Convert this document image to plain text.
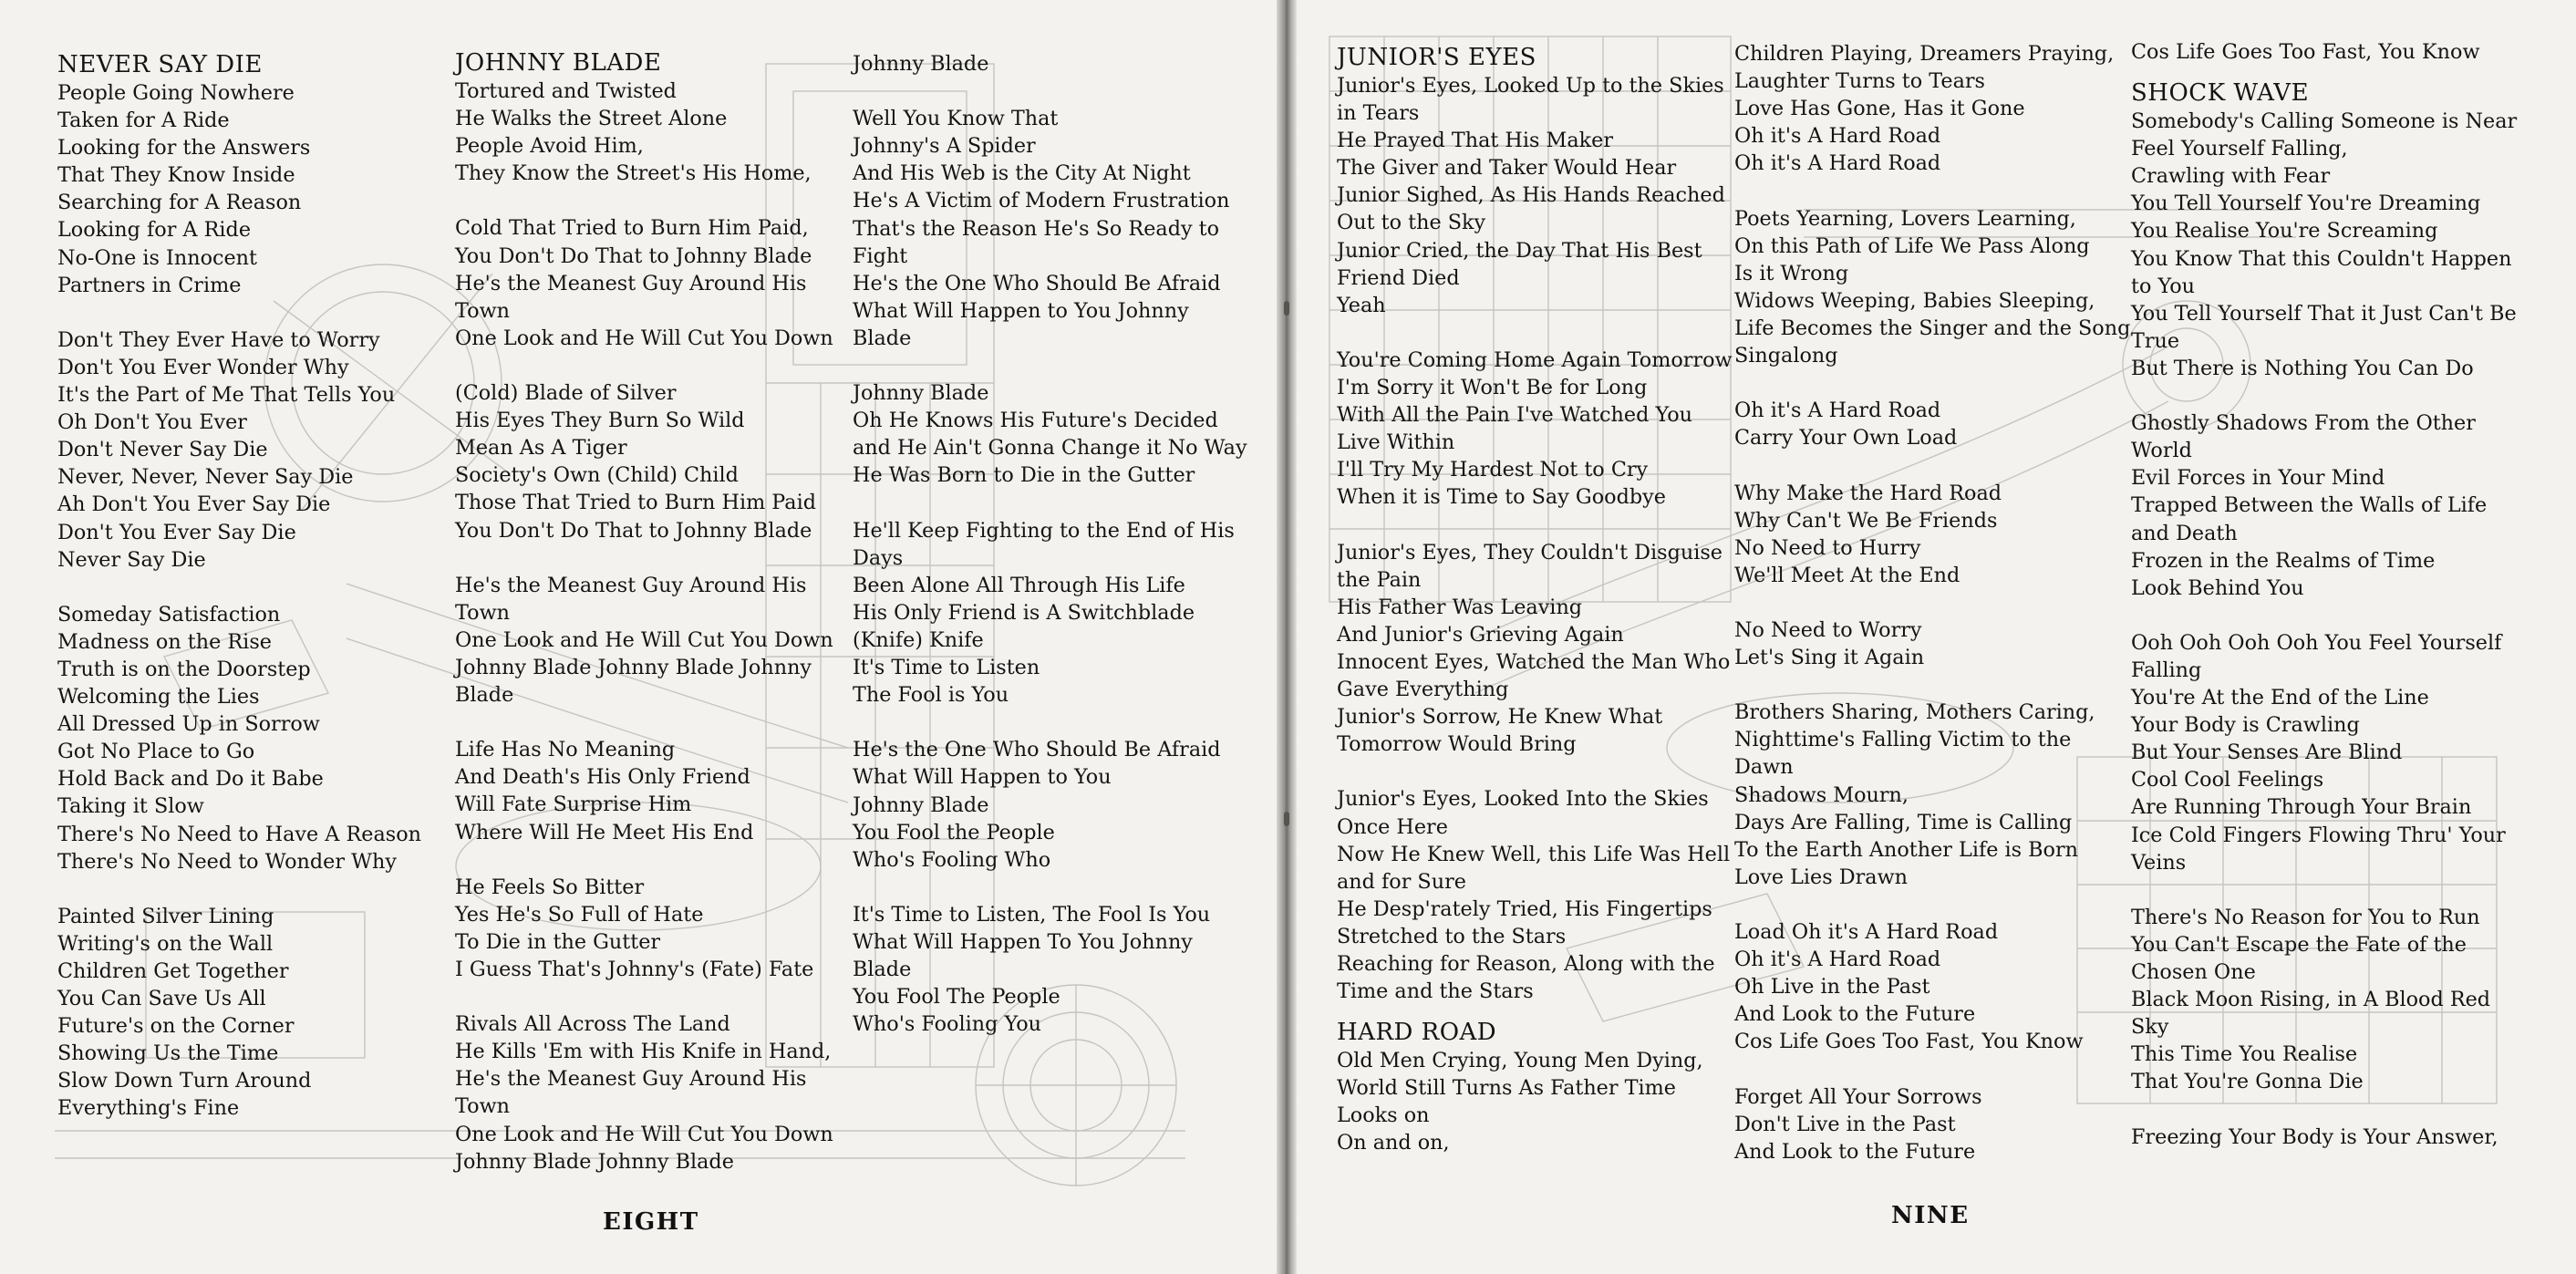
NEVER SAY DIE
People Going Nowhere
Taken for A Ride
Looking for the Answers
That They Know Inside
Searching for A Reason
Looking for A Ride
No-One is Innocent
Partners in Crime
Don't They Ever Have to Worry
Don't You Ever Wonder Why
It's the Part of Me That Tells You
Oh Don't You Ever
Don't Never Say Die
Never, Never, Never Say Die
Ah Don't You Ever Say Die
Don't You Ever Say Die
Never Say Die
Someday Satisfaction
Madness on the Rise
Truth is on the Doorstep
Welcoming the Lies
All Dressed Up in Sorrow
Got No Place to Go
Hold Back and Do it Babe
Taking it Slow
There's No Need to Have A Reason
There's No Need to Wonder Why
Painted Silver Lining
Writing's on the Wall
Children Get Together
You Can Save Us All
Future's on the Corner
Showing Us the Time
Slow Down Turn Around
Everything's Fine
JOHNNY BLADE
Tortured and Twisted
He Walks the Street Alone
People Avoid Him,
They Know the Street's His Home,
Cold That Tried to Burn Him Paid,
You Don't Do That to Johnny Blade
He's the Meanest Guy Around His
Town
One Look and He Will Cut You Down
(Cold) Blade of Silver
His Eyes They Burn So Wild
Mean As A Tiger
Society's Own (Child) Child
Those That Tried to Burn Him Paid
You Don't Do That to Johnny Blade
He's the Meanest Guy Around His
Town
One Look and He Will Cut You Down
Johnny Blade Johnny Blade Johnny
Blade
Life Has No Meaning
And Death's His Only Friend
Will Fate Surprise Him
Where Will He Meet His End
He Feels So Bitter
Yes He's So Full of Hate
To Die in the Gutter
I Guess That's Johnny's (Fate) Fate
Rivals All Across The Land
He Kills 'Em with His Knife in Hand,
He's the Meanest Guy Around His
Town
One Look and He Will Cut You Down
Johnny Blade Johnny Blade
Johnny Blade
Well You Know That
Johnny's A Spider
And His Web is the City At Night
He's A Victim of Modern Frustration
That's the Reason He's So Ready to
Fight
He's the One Who Should Be Afraid
What Will Happen to You Johnny
Blade
Johnny Blade
Oh He Knows His Future's Decided
and He Ain't Gonna Change it No Way
He Was Born to Die in the Gutter
He'll Keep Fighting to the End of His
Days
Been Alone All Through His Life
His Only Friend is A Switchblade
(Knife) Knife
It's Time to Listen
The Fool is You
He's the One Who Should Be Afraid
What Will Happen to You
Johnny Blade
You Fool the People
Who's Fooling Who
It's Time to Listen, The Fool Is You
What Will Happen To You Johnny
Blade
You Fool The People
Who's Fooling You
EIGHT
JUNIOR'S EYES
Junior's Eyes, Looked Up to the Skies
in Tears
He Prayed That His Maker
The Giver and Taker Would Hear
Junior Sighed, As His Hands Reached
Out to the Sky
Junior Cried, the Day That His Best
Friend Died
Yeah
You're Coming Home Again Tomorrow
I'm Sorry it Won't Be for Long
With All the Pain I've Watched You
Live Within
I'll Try My Hardest Not to Cry
When it is Time to Say Goodbye
Junior's Eyes, They Couldn't Disguise
the Pain
His Father Was Leaving
And Junior's Grieving Again
Innocent Eyes, Watched the Man Who
Gave Everything
Junior's Sorrow, He Knew What
Tomorrow Would Bring
Junior's Eyes, Looked Into the Skies
Once Here
Now He Knew Well, this Life Was Hell
and for Sure
He Desp'rately Tried, His Fingertips
Stretched to the Stars
Reaching for Reason, Along with the
Time and the Stars
HARD ROAD
Old Men Crying, Young Men Dying,
World Still Turns As Father Time
Looks on
On and on,
Children Playing, Dreamers Praying,
Laughter Turns to Tears
Love Has Gone, Has it Gone
Oh it's A Hard Road
Oh it's A Hard Road
Poets Yearning, Lovers Learning,
On this Path of Life We Pass Along
Is it Wrong
Widows Weeping, Babies Sleeping,
Life Becomes the Singer and the Song
Singalong
Oh it's A Hard Road
Carry Your Own Load
Why Make the Hard Road
Why Can't We Be Friends
No Need to Hurry
We'll Meet At the End
No Need to Worry
Let's Sing it Again
Brothers Sharing, Mothers Caring,
Nighttime's Falling Victim to the
Dawn
Shadows Mourn,
Days Are Falling, Time is Calling
To the Earth Another Life is Born
Love Lies Drawn
Load Oh it's A Hard Road
Oh it's A Hard Road
Oh Live in the Past
And Look to the Future
Cos Life Goes Too Fast, You Know
Forget All Your Sorrows
Don't Live in the Past
And Look to the Future
Cos Life Goes Too Fast, You Know
SHOCK WAVE
Somebody's Calling Someone is Near
Feel Yourself Falling,
Crawling with Fear
You Tell Yourself You're Dreaming
You Realise You're Screaming
You Know That this Couldn't Happen
to You
You Tell Yourself That it Just Can't Be
True
But There is Nothing You Can Do
Ghostly Shadows From the Other
World
Evil Forces in Your Mind
Trapped Between the Walls of Life
and Death
Frozen in the Realms of Time
Look Behind You
Ooh Ooh Ooh Ooh You Feel Yourself
Falling
You're At the End of the Line
Your Body is Crawling
But Your Senses Are Blind
Cool Cool Feelings
Are Running Through Your Brain
Ice Cold Fingers Flowing Thru' Your
Veins
There's No Reason for You to Run
You Can't Escape the Fate of the
Chosen One
Black Moon Rising, in A Blood Red
Sky
This Time You Realise
That You're Gonna Die
Freezing Your Body is Your Answer,
NINE
